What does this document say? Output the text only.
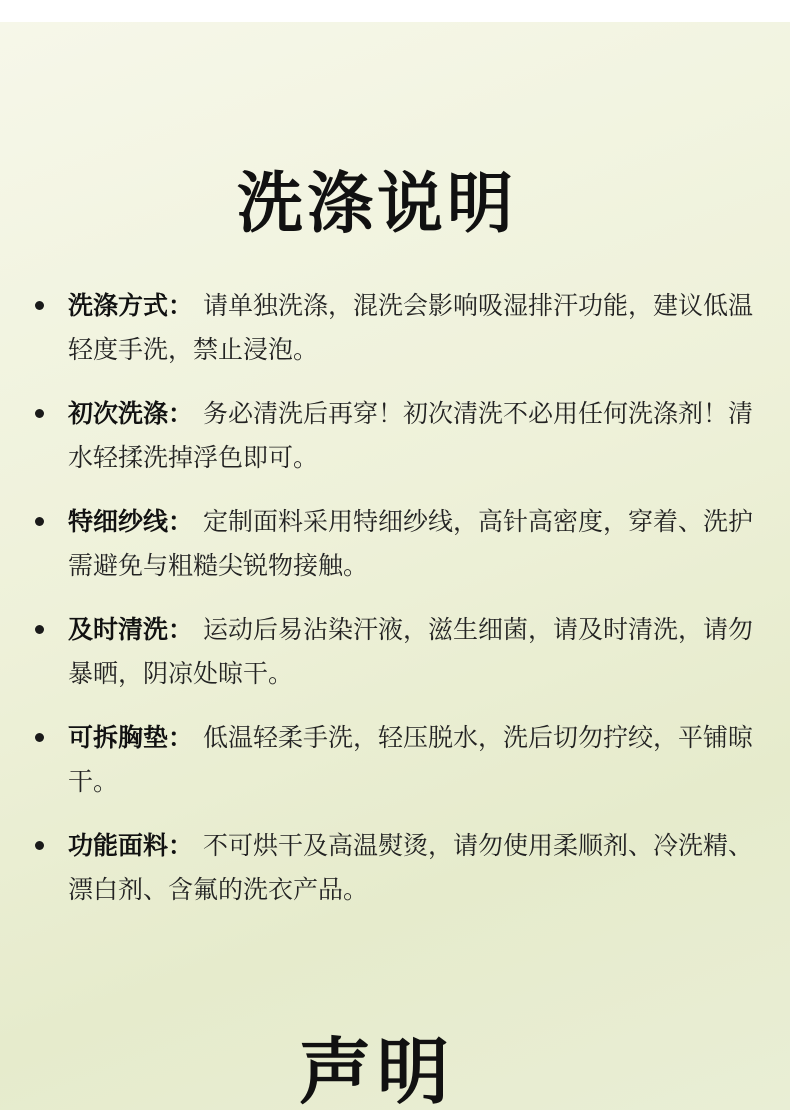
洗涤说明
洗涤方式： 请单独洗涤，混洗会影响吸湿排汗功能，建议低温轻度手洗，禁止浸泡。
初次洗涤： 务必清洗后再穿！初次清洗不必用任何洗涤剂！清水轻揉洗掉浮色即可。
特细纱线： 定制面料采用特细纱线，高针高密度，穿着、洗护需避免与粗糙尖锐物接触。
及时清洗： 运动后易沾染汗液，滋生细菌，请及时清洗，请勿暴晒，阴凉处晾干。
可拆胸垫： 低温轻柔手洗，轻压脱水，洗后切勿拧绞，平铺晾干。
功能面料： 不可烘干及高温熨烫，请勿使用柔顺剂、冷洗精、漂白剂、含氟的洗衣产品。
声明
